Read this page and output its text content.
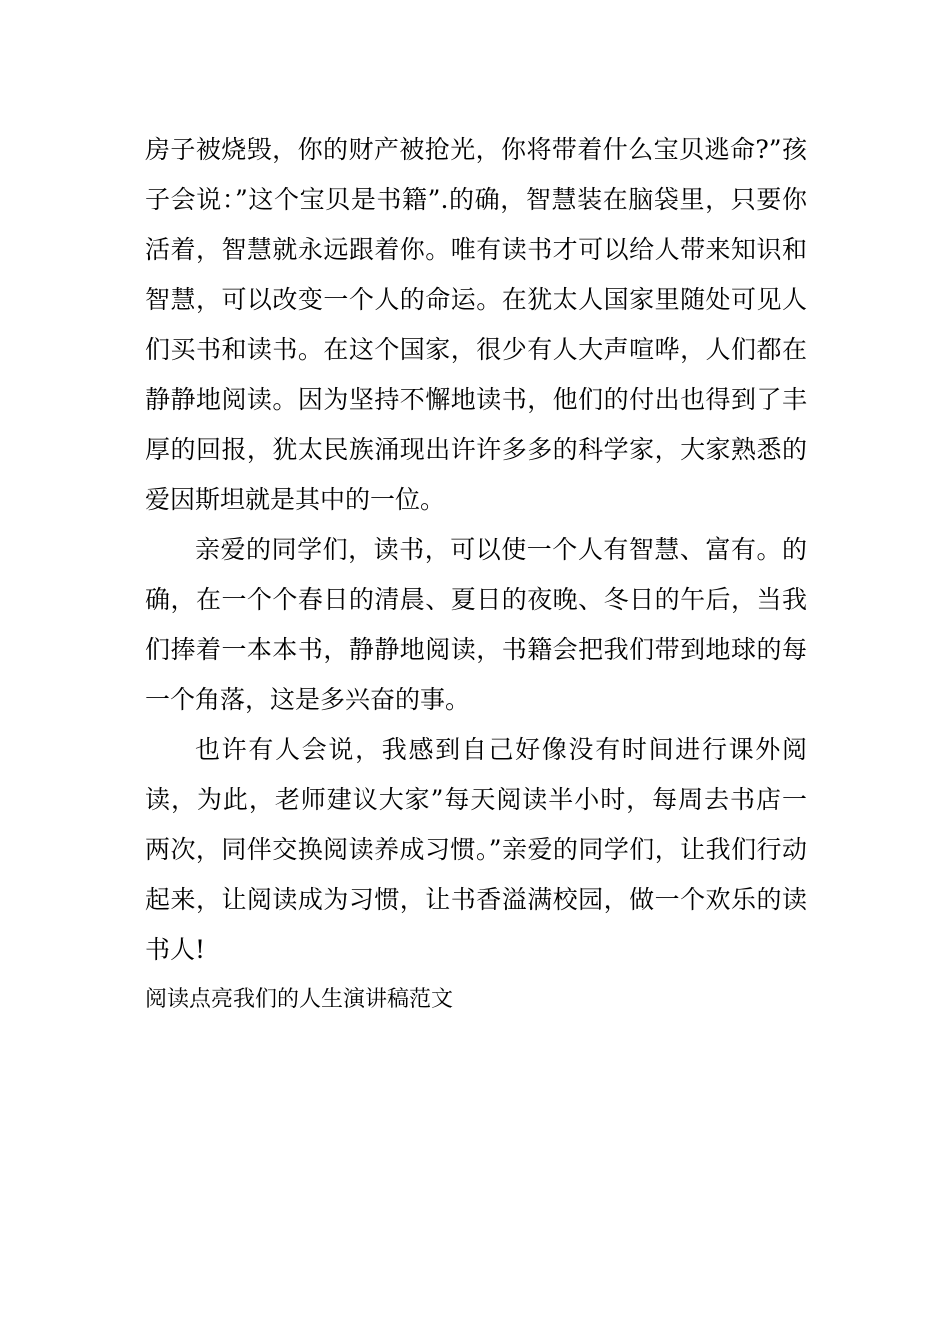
房子被烧毁，你的财产被抢光，你将带着什么宝贝逃命?”孩子会说：”这个宝贝是书籍”.的确，智慧装在脑袋里，只要你活着，智慧就永远跟着你。唯有读书才可以给人带来知识和智慧，可以改变一个人的命运。在犹太人国家里随处可见人们买书和读书。在这个国家，很少有人大声喧哗，人们都在静静地阅读。因为坚持不懈地读书，他们的付出也得到了丰厚的回报，犹太民族涌现出许许多多的科学家，大家熟悉的爱因斯坦就是其中的一位。

亲爱的同学们，读书，可以使一个人有智慧、富有。的确，在一个个春日的清晨、夏日的夜晚、冬日的午后，当我们捧着一本本书，静静地阅读，书籍会把我们带到地球的每一个角落，这是多兴奋的事。

也许有人会说，我感到自己好像没有时间进行课外阅读，为此，老师建议大家”每天阅读半小时，每周去书店一两次，同伴交换阅读养成习惯。”亲爱的同学们，让我们行动起来，让阅读成为习惯，让书香溢满校园，做一个欢乐的读书人!

阅读点亮我们的人生演讲稿范文
